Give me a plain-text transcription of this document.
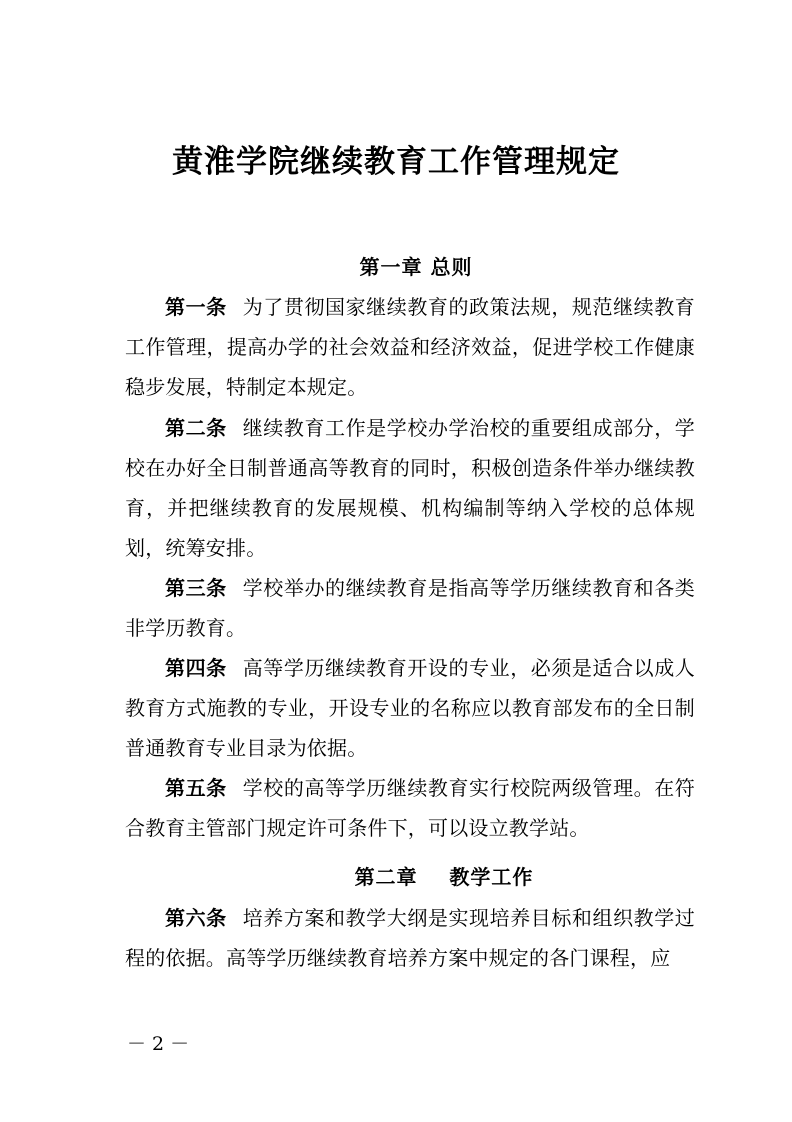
黄淮学院继续教育工作管理规定
第一章 总则

第一条 为了贯彻国家继续教育的政策法规，规范继续教育工作管理，提高办学的社会效益和经济效益，促进学校工作健康稳步发展，特制定本规定。

第二条 继续教育工作是学校办学治校的重要组成部分，学校在办好全日制普通高等教育的同时，积极创造条件举办继续教育，并把继续教育的发展规模、机构编制等纳入学校的总体规划，统筹安排。

第三条 学校举办的继续教育是指高等学历继续教育和各类非学历教育。

第四条 高等学历继续教育开设的专业，必须是适合以成人教育方式施教的专业，开设专业的名称应以教育部发布的全日制普通教育专业目录为依据。

第五条 学校的高等学历继续教育实行校院两级管理。在符合教育主管部门规定许可条件下，可以设立教学站。

第二章    教学工作

第六条 培养方案和教学大纲是实现培养目标和组织教学过程的依据。高等学历继续教育培养方案中规定的各门课程，应

－ 2 －
